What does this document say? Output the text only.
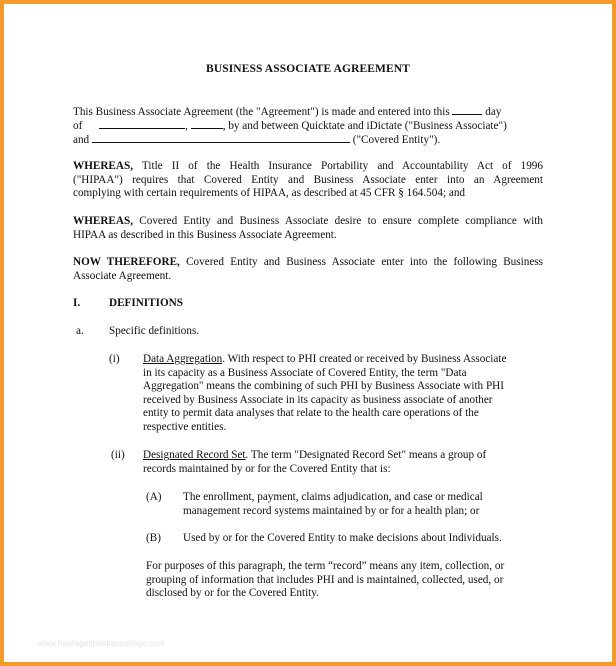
BUSINESS ASSOCIATE AGREEMENT
This Business Associate Agreement (the "Agreement") is made and entered into this	day
of	,	, by and between Quicktate and iDictate ("Business Associate")
and	("Covered Entity").
WHEREAS, Title II of the Health Insurance Portability and Accountability Act of 1996
("HIPAA") requires that Covered Entity and Business Associate enter into an Agreement
complying with certain requirements of HIPAA, as described at 45 CFR § 164.504; and
WHEREAS, Covered Entity and Business Associate desire to ensure complete compliance with
HIPAA as described in this Business Associate Agreement.
NOW THEREFORE, Covered Entity and Business Associate enter into the following Business
Associate Agreement.
I.	DEFINITIONS
a. Specific definitions.
(i) Data Aggregation. With respect to PHI created or received by Business Associate
in its capacity as a Business Associate of Covered Entity, the term "Data
Aggregation" means the combining of such PHI by Business Associate with PHI
received by Business Associate in its capacity as business associate of another
entity to permit data analyses that relate to the health care operations of the
respective entities.
(ii) Designated Record Set. The term "Designated Record Set" means a group of
records maintained by or for the Covered Entity that is:
(A) The enrollment, payment, claims adjudication, and case or medical
management record systems maintained by or for a health plan; or
(B) Used by or for the Covered Entity to make decisions about Individuals.
For purposes of this paragraph, the term “record” means any item, collection, or
grouping of information that includes PHI and is maintained, collected, used, or
disclosed by or for the Covered Entity.
www.heritagechristiancollege.com
